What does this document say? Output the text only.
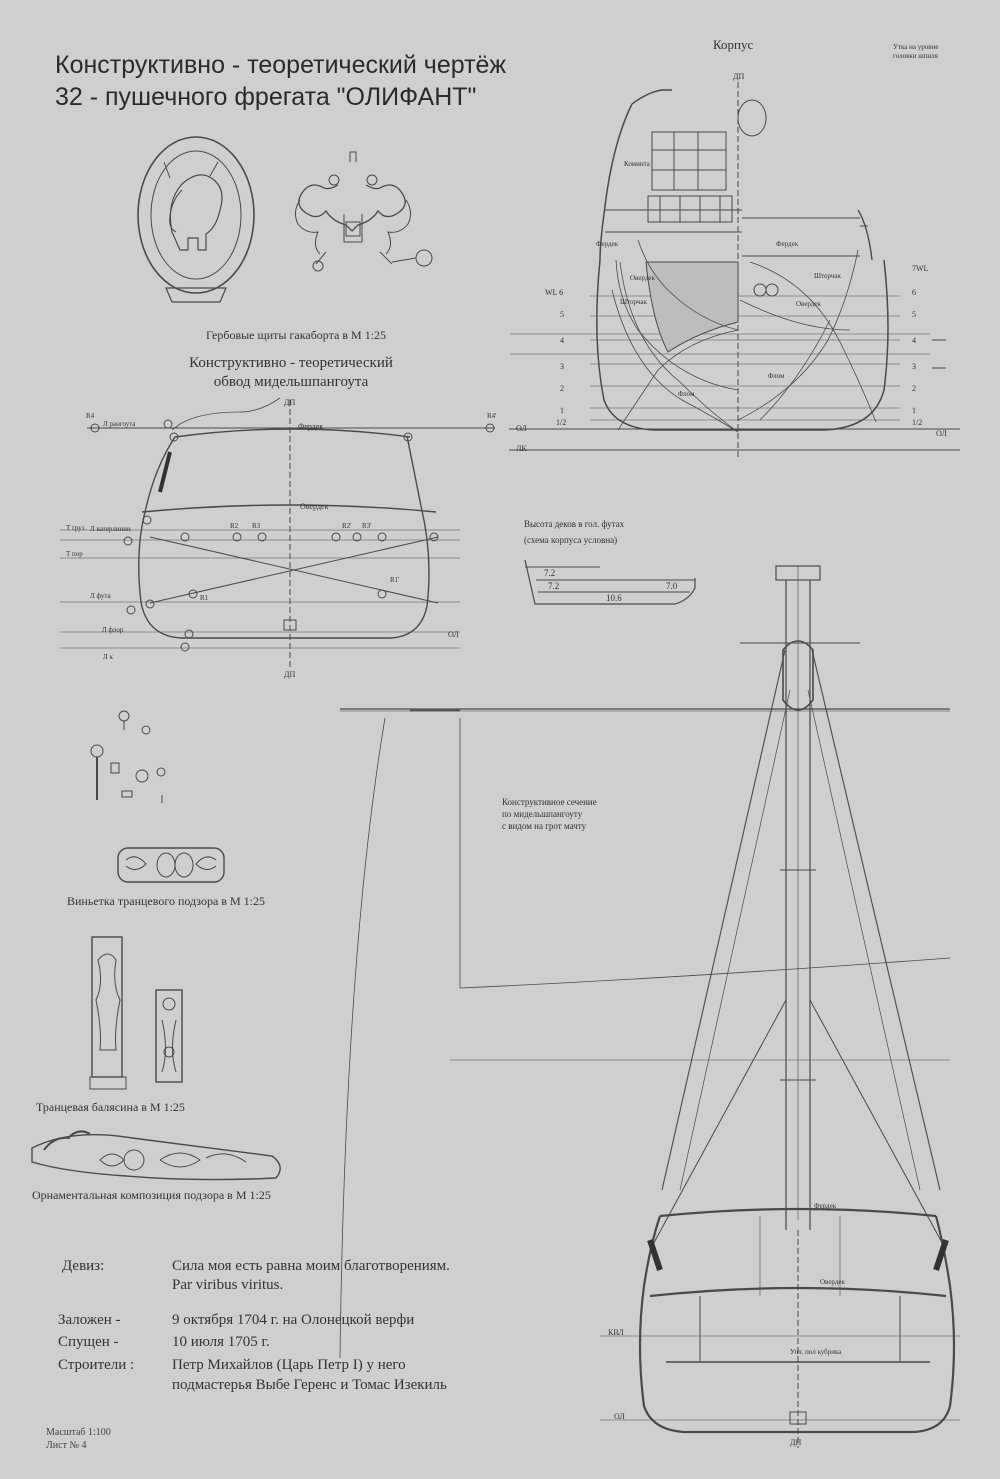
Конструктивно - теоретический чертёж
32 - пушечного фрегата "ОЛИФАНТ"
Корпус
ДП
Утка на уровне
головки шпиля
WL 6
5
4
3
2
1
1/2
7WL
6
5
4
3
2
1
1/2
ОЛ
ОЛ
ЛК
Фердек	Фердек
Овердек
Овердек
Шторчак
Шторчак
Флом
Флом
Коминта
Гербовые щиты гакаборта в М 1:25
Конструктивно - теоретический
обвод мидельшпангоута
ДП
ДП
Фердек
Овердек
ОЛ
Л рангоута
Л ватерлинии
Л фута
Л флор
Л к
Т груз
Т пор
R4	R4'
R2 R3
R1
R2' R3'
R1'
Высота деков в гол. футах
(схема корпуса условна)
7.2
7.2	7.0
10.6
Конструктивное сечение
по мидельшпангоуту
с видом на грот мачту
Фердек
Овердек
Упл. пол кубрика
КВЛ
ОЛ
ДП
Виньетка транцевого подзора в М 1:25
Транцевая балясина в М 1:25
Орнаментальная композиция подзора в М 1:25
Девиз:	Сила моя есть равна моим благотворениям.
Par viribus viritus.
Заложен -	9 октября 1704 г. на Олонецкой верфи
Спущен -	10 июля 1705 г.
Строители :	Петр Михайлов (Царь Петр I) у него
подмастерья Выбе Геренс и Томас Изекиль
Масштаб 1:100
Лист № 4
